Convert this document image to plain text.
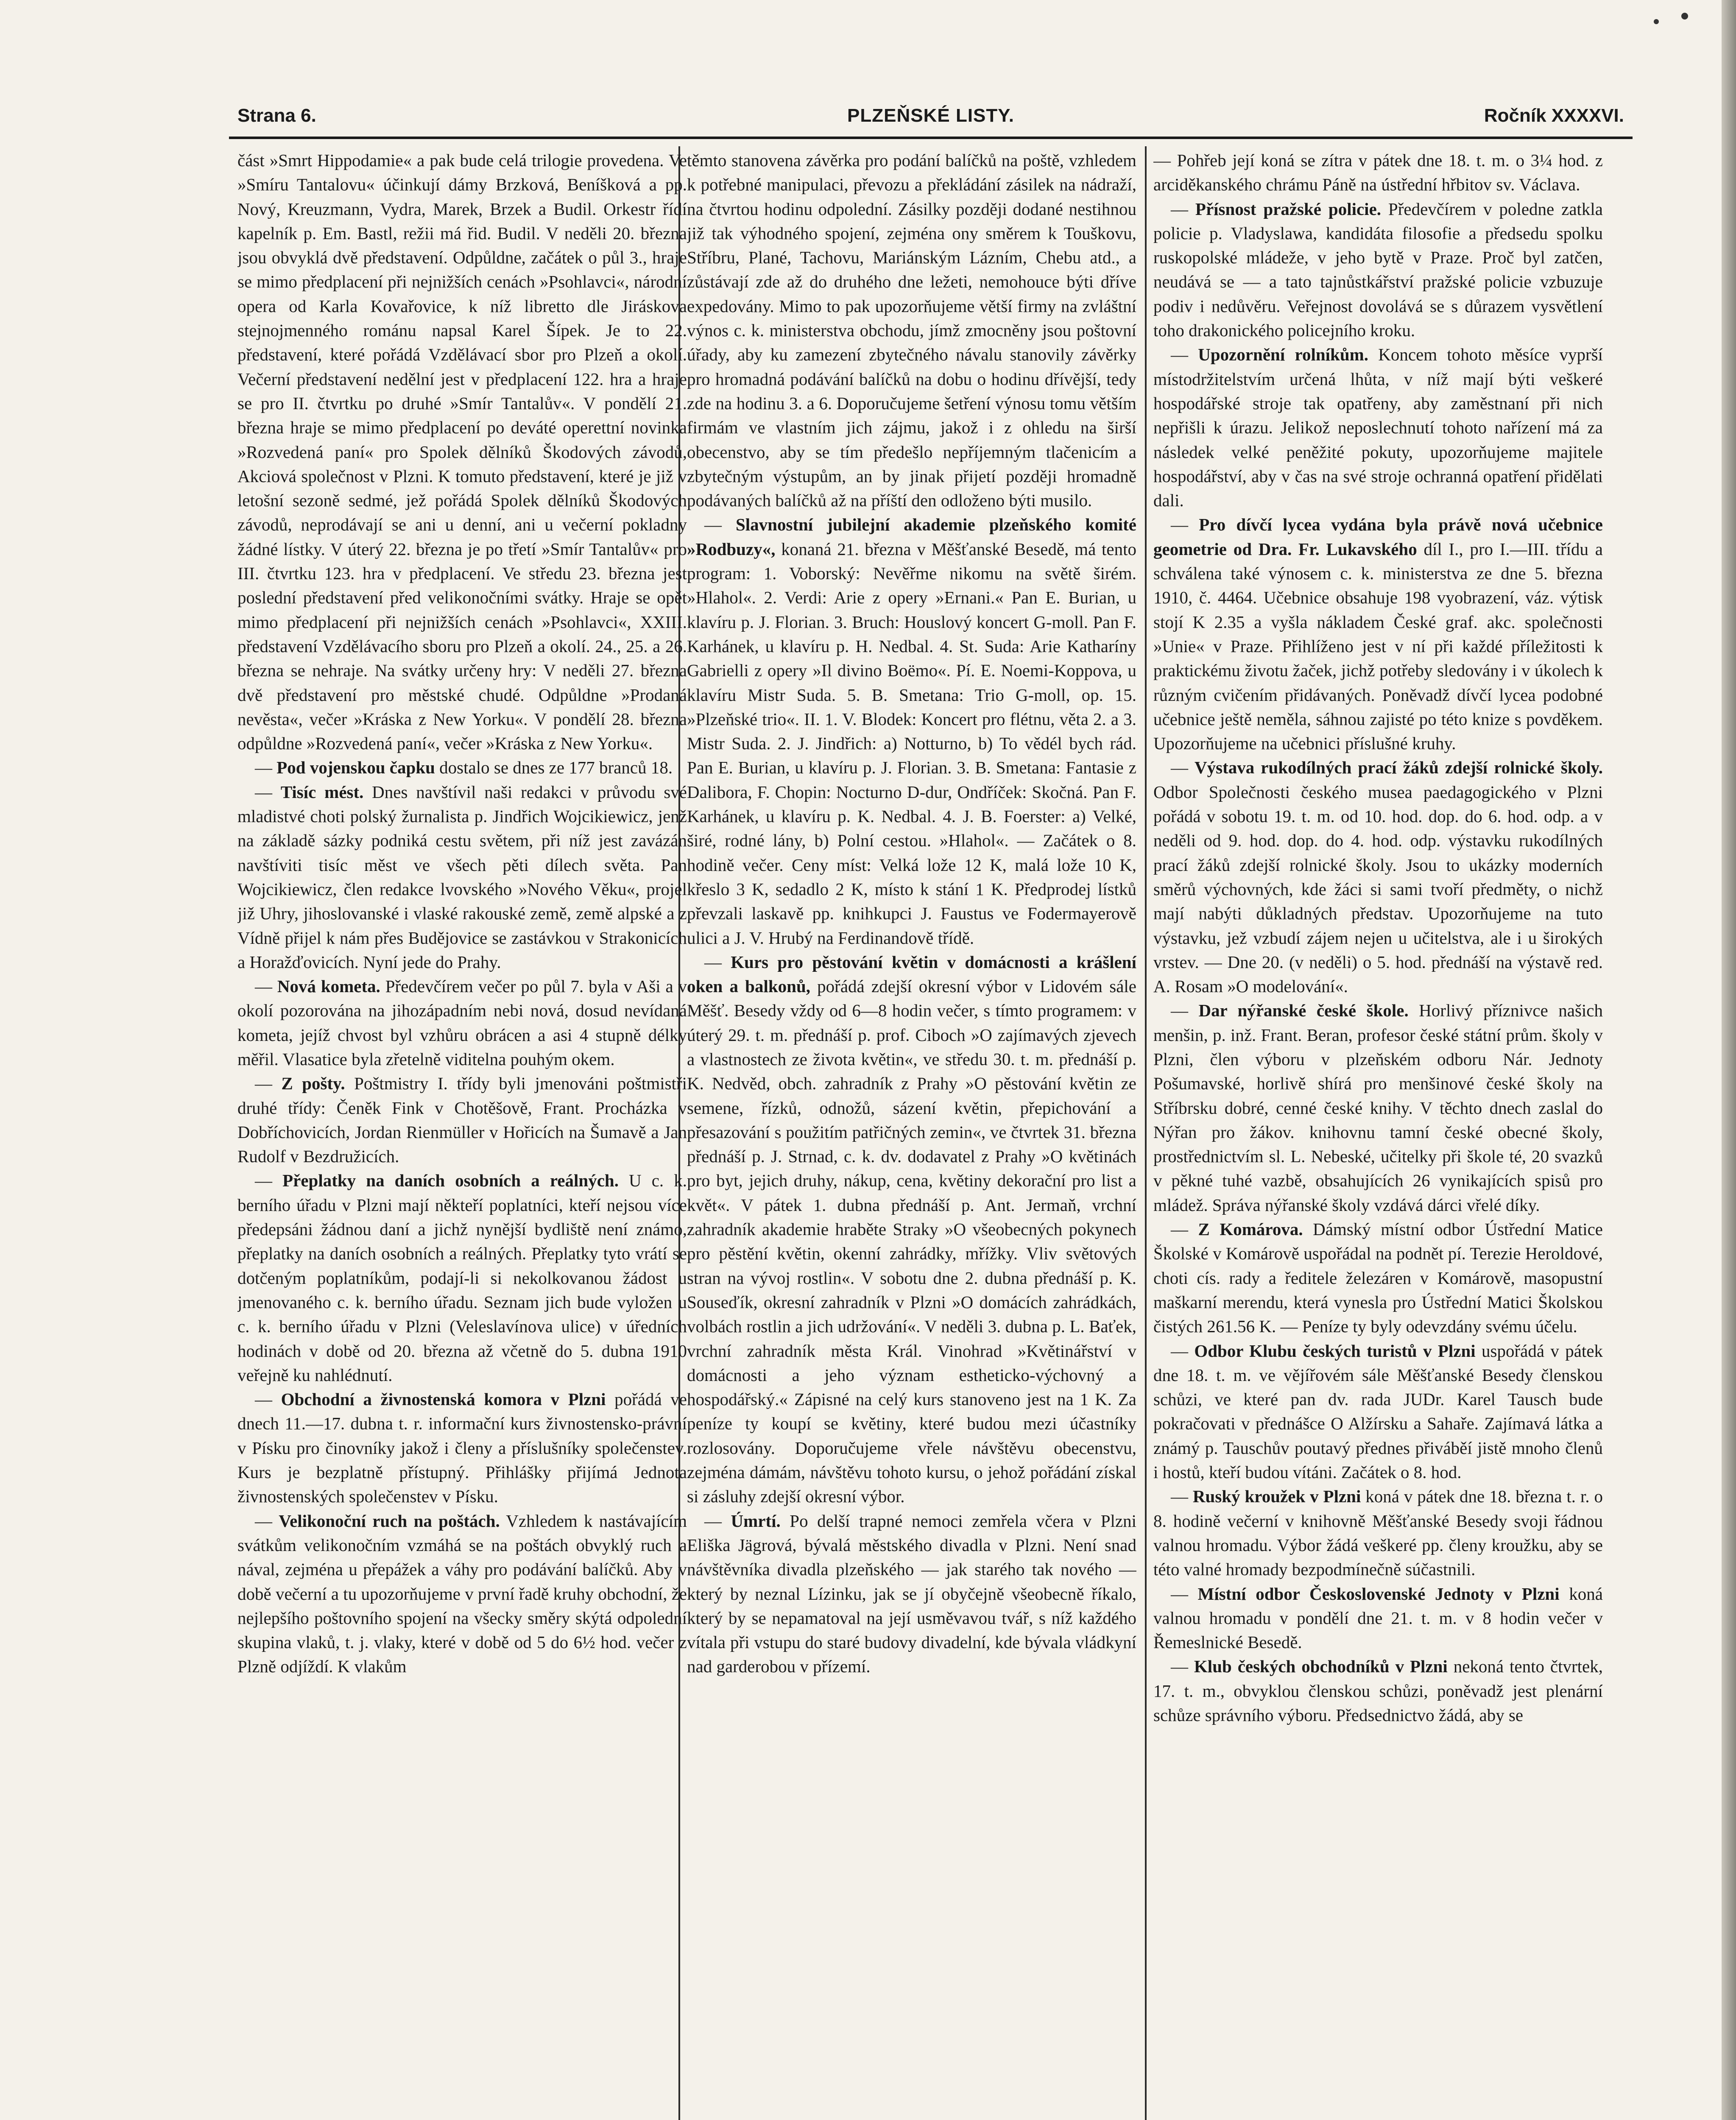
Strana 6.	PLZEŇSKÉ LISTY.	Ročník XXXXVI.

část »Smrt Hippodamie« a pak bude celá trilogie provedena. Ve »Smíru Tantalovu« účinkují dámy Brzková, Beníšková a pp. Nový, Kreuzmann, Vydra, Marek, Brzek a Budil. Orkestr řídí kapelník p. Em. Bastl, režii má řid. Budil. V neděli 20. března jsou obvyklá dvě představení. Odpůldne, začátek o půl 3., hraje se mimo předplacení při nejnižších cenách »Psohlavci«, národní opera od Karla Kovařovice, k níž libretto dle Jiráskova stejnojmenného románu napsal Karel Šípek. Je to 22. představení, které pořádá Vzdělávací sbor pro Plzeň a okolí. Večerní představení nedělní jest v předplacení 122. hra a hraje se pro II. čtvrtku po druhé »Smír Tantalův«. V pondělí 21. března hraje se mimo předplacení po deváté operettní novinka »Rozvedená paní« pro Spolek dělníků Škodových závodů, Akciová společnost v Plzni. K tomuto představení, které je již v letošní sezoně sedmé, jež pořádá Spolek dělníků Škodových závodů, neprodávají se ani u denní, ani u večerní pokladny žádné lístky. V úterý 22. března je po třetí »Smír Tantalův« pro III. čtvrtku 123. hra v předplacení. Ve středu 23. března jest poslední představení před velikonočními svátky. Hraje se opět mimo předplacení při nejnižších cenách »Psohlavci«, XXIII. představení Vzdělávacího sboru pro Plzeň a okolí. 24., 25. a 26. března se nehraje. Na svátky určeny hry: V neděli 27. března dvě představení pro městské chudé. Odpůldne »Prodaná nevěsta«, večer »Kráska z New Yorku«. V pondělí 28. března odpůldne »Rozvedená paní«, večer »Kráska z New Yorku«.

 — Pod vojenskou čapku dostalo se dnes ze 177 branců 18.

 — Tisíc mést. Dnes navštívil naši redakci v průvodu své mladistvé choti polský žurnalista p. Jindřich Wojcikiewicz, jenž na základě sázky podniká cestu světem, při níž jest zavázán navštíviti tisíc měst ve všech pěti dílech světa. Pan Wojcikiewicz, člen redakce lvovského »Nového Věku«, projel již Uhry, jihoslovanské i vlaské rakouské země, země alpské a z Vídně přijel k nám přes Budějovice se zastávkou v Strakonicích a Horažďovicích. Nyní jede do Prahy.

 — Nová kometa. Předevčírem večer po půl 7. byla v Aši a v okolí pozorována na jihozápadním nebi nová, dosud nevídaná kometa, jejíž chvost byl vzhůru obrácen a asi 4 stupně délky měřil. Vlasatice byla zřetelně viditelna pouhým okem.

 — Z pošty. Poštmistry I. třídy byli jmenováni poštmistři druhé třídy: Čeněk Fink v Chotěšově, Frant. Procházka v Dobříchovicích, Jordan Rienmüller v Hořicích na Šumavě a Jan Rudolf v Bezdružicích.

 — Přeplatky na daních osobních a reálných. U c. k. berního úřadu v Plzni mají někteří poplatníci, kteří nejsou více předepsáni žádnou daní a jichž nynější bydliště není známo, přeplatky na daních osobních a reálných. Přeplatky tyto vrátí se dotčeným poplatníkům, podají-li si nekolkovanou žádost u jmenovaného c. k. berního úřadu. Seznam jich bude vyložen u c. k. berního úřadu v Plzni (Veleslavínova ulice) v úředních hodinách v době od 20. března až včetně do 5. dubna 1910 veřejně ku nahlédnutí.

 — Obchodní a živnostenská komora v Plzni pořádá ve dnech 11.—17. dubna t. r. informační kurs živnostensko-právní v Písku pro činovníky jakož i členy a příslušníky společenstev. Kurs je bezplatně přístupný. Přihlášky přijímá Jednota živnostenských společenstev v Písku.

 — Velikonoční ruch na poštách. Vzhledem k nastávajícím svátkům velikonočním vzmáhá se na poštách obvyklý ruch a nával, zejména u přepážek a váhy pro podávání balíčků. Aby v době večerní a tu upozorňujeme v první řadě kruhy obchodní, že nejlepšího poštovního spojení na všecky směry skýtá odpolední skupina vlaků, t. j. vlaky, které v době od 5 do 6½ hod. večer z Plzně odjíždí. K vlakům

těmto stanovena závěrka pro podání balíčků na poště, vzhledem k potřebné manipulaci, převozu a překládání zásilek na nádraží, na čtvrtou hodinu odpolední. Zásilky později dodané nestihnou již tak výhodného spojení, zejména ony směrem k Touškovu, Stříbru, Plané, Tachovu, Mariánským Lázním, Chebu atd., a zůstávají zde až do druhého dne ležeti, nemohouce býti dříve expedovány. Mimo to pak upozorňujeme větší firmy na zvláštní výnos c. k. ministerstva obchodu, jímž zmocněny jsou poštovní úřady, aby ku zamezení zbytečného návalu stanovily závěrky pro hromadná podávání balíčků na dobu o hodinu dřívější, tedy zde na hodinu 3. a 6. Doporučujeme šetření výnosu tomu větším firmám ve vlastním jich zájmu, jakož i z ohledu na širší obecenstvo, aby se tím předešlo nepříjemným tlačenicím a zbytečným výstupům, an by jinak přijetí později hromadně podávaných balíčků až na příští den odloženo býti musilo.

 — Slavnostní jubilejní akademie plzeňského komité »Rodbuzy«, konaná 21. března v Měšťanské Besedě, má tento program: 1. Voborský: Nevěřme nikomu na světě širém. »Hlahol«. 2. Verdi: Arie z opery »Ernani.« Pan E. Burian, u klavíru p. J. Florian. 3. Bruch: Houslový koncert G-moll. Pan F. Karhánek, u klavíru p. H. Nedbal. 4. St. Suda: Arie Katharíny Gabrielli z opery »Il divino Boëmo«. Pí. E. Noemi-Koppova, u klavíru Mistr Suda. 5. B. Smetana: Trio G-moll, op. 15. »Plzeňské trio«. II. 1. V. Blodek: Koncert pro flétnu, věta 2. a 3. Mistr Suda. 2. J. Jindřich: a) Notturno, b) To vědél bych rád. Pan E. Burian, u klavíru p. J. Florian. 3. B. Smetana: Fantasie z Dalibora, F. Chopin: Nocturno D-dur, Ondříček: Skočná. Pan F. Karhánek, u klavíru p. K. Nedbal. 4. J. B. Foerster: a) Velké, širé, rodné lány, b) Polní cestou. »Hlahol«. — Začátek o 8. hodině večer. Ceny míst: Velká lože 12 K, malá lože 10 K, křeslo 3 K, sedadlo 2 K, místo k stání 1 K. Předprodej lístků převzali laskavě pp. knihkupci J. Faustus ve Fodermayerově ulici a J. V. Hrubý na Ferdinandově třídě.

 — Kurs pro pěstování květin v domácnosti a krášlení oken a balkonů, pořádá zdejší okresní výbor v Lidovém sále Měšť. Besedy vždy od 6—8 hodin večer, s tímto programem: v úterý 29. t. m. přednáší p. prof. Ciboch »O zajímavých zjevech a vlastnostech ze života květin«, ve středu 30. t. m. přednáší p. K. Nedvěd, obch. zahradník z Prahy »O pěstování květin ze semene, řízků, odnožů, sázení květin, přepichování a přesazování s použitím patřičných zemin«, ve čtvrtek 31. března přednáší p. J. Strnad, c. k. dv. dodavatel z Prahy »O květinách pro byt, jejich druhy, nákup, cena, květiny dekorační pro list a květ«. V pátek 1. dubna přednáší p. Ant. Jermaň, vrchní zahradník akademie hraběte Straky »O všeobecných pokynech pro pěstění květin, okenní zahrádky, mřížky. Vliv světových stran na vývoj rostlin«. V sobotu dne 2. dubna přednáší p. K. Souseďík, okresní zahradník v Plzni »O domácích zahrádkách, volbách rostlin a jich udržování«. V neděli 3. dubna p. L. Baťek, vrchní zahradník města Král. Vinohrad »Květinářství v domácnosti a jeho význam estheticko-výchovný a hospodářský.« Zápisné na celý kurs stanoveno jest na 1 K. Za peníze ty koupí se květiny, které budou mezi účastníky rozlosovány. Doporučujeme vřele návštěvu obecenstvu, zejména dámám, návštěvu tohoto kursu, o jehož pořádání získal si zásluhy zdejší okresní výbor.

 — Úmrtí. Po delší trapné nemoci zemřela včera v Plzni Eliška Jägrová, bývalá městského divadla v Plzni. Není snad návštěvníka divadla plzeňského — jak starého tak nového — který by neznal Lízinku, jak se jí obyčejně všeobecně říkalo, který by se nepamatoval na její usměvavou tvář, s níž každého vítala při vstupu do staré budovy divadelní, kde bývala vládkyní nad garderobou v přízemí.

— Pohřeb její koná se zítra v pátek dne 18. t. m. o 3¼ hod. z arciděkanského chrámu Páně na ústřední hřbitov sv. Václava.

 — Přísnost pražské policie. Předevčírem v poledne zatkla policie p. Vladyslawa, kandidáta filosofie a předsedu spolku ruskopolské mládeže, v jeho bytě v Praze. Proč byl zatčen, neudává se — a tato tajnůstkářství pražské policie vzbuzuje podiv i nedůvěru. Veřejnost dovolává se s důrazem vysvětlení toho drakonického policejního kroku.

 — Upozornění rolníkům. Koncem tohoto měsíce vyprší místodržitelstvím určená lhůta, v níž mají býti veškeré hospodářské stroje tak opatřeny, aby zaměstnaní při nich nepřišli k úrazu. Jelikož neposlechnutí tohoto nařízení má za následek velké peněžité pokuty, upozorňujeme majitele hospodářství, aby v čas na své stroje ochranná opatření přidělati dali.

 — Pro dívčí lycea vydána byla právě nová učebnice geometrie od Dra. Fr. Lukavského díl I., pro I.—III. třídu a schválena také výnosem c. k. ministerstva ze dne 5. března 1910, č. 4464. Učebnice obsahuje 198 vyobrazení, váz. výtisk stojí K 2.35 a vyšla nákladem České graf. akc. společnosti »Unie« v Praze. Přihlíženo jest v ní při každé příležitosti k praktickému životu žaček, jichž potřeby sledovány i v úkolech k různým cvičením přidávaných. Poněvadž dívčí lycea podobné učebnice ještě neměla, sáhnou zajisté po této knize s povděkem. Upozorňujeme na učebnici příslušné kruhy.

 — Výstava rukodílných prací žáků zdejší rolnické školy. Odbor Společnosti českého musea paedagogického v Plzni pořádá v sobotu 19. t. m. od 10. hod. dop. do 6. hod. odp. a v neděli od 9. hod. dop. do 4. hod. odp. výstavku rukodílných prací žáků zdejší rolnické školy. Jsou to ukázky moderních směrů výchovných, kde žáci si sami tvoří předměty, o nichž mají nabýti důkladných představ. Upozorňujeme na tuto výstavku, jež vzbudí zájem nejen u učitelstva, ale i u širokých vrstev. — Dne 20. (v neděli) o 5. hod. přednáší na výstavě red. A. Rosam »O modelování«.

 — Dar nýřanské české škole. Horlivý příznivce našich menšin, p. inž. Frant. Beran, profesor české státní prům. školy v Plzni, člen výboru v plzeňském odboru Nár. Jednoty Pošumavské, horlivě shírá pro menšinové české školy na Stříbrsku dobré, cenné české knihy. V těchto dnech zaslal do Nýřan pro žákov. knihovnu tamní české obecné školy, prostřednictvím sl. L. Nebeské, učitelky při škole té, 20 svazků v pěkné tuhé vazbě, obsahujících 26 vynikajících spisů pro mládež. Správa nýřanské školy vzdává dárci vřelé díky.

 — Z Komárova. Dámský místní odbor Ústřední Matice Školské v Komárově uspořádal na podnět pí. Terezie Heroldové, choti cís. rady a ředitele železáren v Komárově, masopustní maškarní merendu, která vynesla pro Ústřední Matici Školskou čistých 261.56 K. — Peníze ty byly odevzdány svému účelu.

 — Odbor Klubu českých turistů v Plzni uspořádá v pátek dne 18. t. m. ve vějířovém sále Měšťanské Besedy členskou schůzi, ve které pan dv. rada JUDr. Karel Tausch bude pokračovati v přednášce O Alžírsku a Sahaře. Zajímavá látka a známý p. Tauschův poutavý přednes přiváběí jistě mnoho členů i hostů, kteří budou vítáni. Začátek o 8. hod.

 — Ruský kroužek v Plzni koná v pátek dne 18. března t. r. o 8. hodině večerní v knihovně Měšťanské Besedy svoji řádnou valnou hromadu. Výbor žádá veškeré pp. členy kroužku, aby se této valné hromady bezpodmínečně súčastnili.

 — Místní odbor Československé Jednoty v Plzni koná valnou hromadu v pondělí dne 21. t. m. v 8 hodin večer v Řemeslnické Besedě.

 — Klub českých obchodníků v Plzni nekoná tento čtvrtek, 17. t. m., obvyklou členskou schůzi, poněvadž jest plenární schůze správního výboru. Předsednictvo žádá, aby se
